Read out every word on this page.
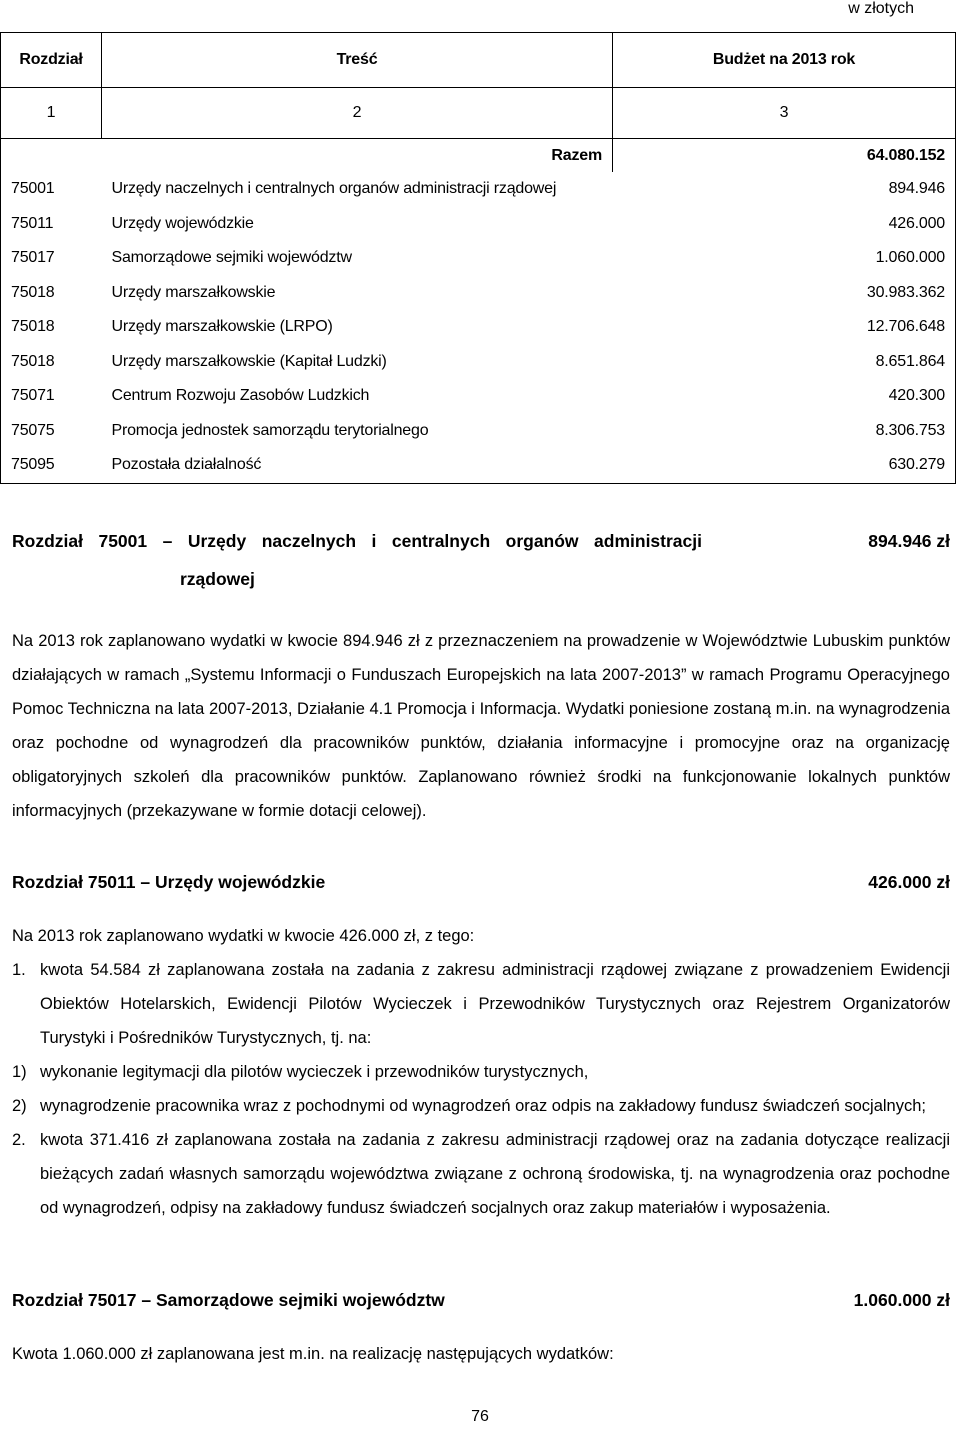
w złotych
Rozdział	Treść	Budżet na 2013 rok
1	2	3
Razem		64.080.152
75001	Urzędy naczelnych i centralnych organów administracji rządowej	894.946
75011	Urzędy wojewódzkie	426.000
75017	Samorządowe sejmiki województw	1.060.000
75018	Urzędy marszałkowskie	30.983.362
75018	Urzędy marszałkowskie (LRPO)	12.706.648
75018	Urzędy marszałkowskie (Kapitał Ludzki)	8.651.864
75071	Centrum Rozwoju Zasobów Ludzkich	420.300
75075	Promocja jednostek samorządu terytorialnego	8.306.753
75095	Pozostała działalność	630.279
Rozdział 75001 – Urzędy naczelnych i centralnych organów administracji	894.946 zł
rządowej

Na 2013 rok zaplanowano wydatki w kwocie 894.946 zł z przeznaczeniem na prowadzenie w Województwie Lubuskim punktów działających w ramach „Systemu Informacji o Funduszach Europejskich na lata 2007-2013” w ramach Programu Operacyjnego Pomoc Techniczna na lata 2007-2013, Działanie 4.1 Promocja i Informacja. Wydatki poniesione zostaną m.in. na wynagrodzenia oraz pochodne od wynagrodzeń dla pracowników punktów, działania informacyjne i promocyjne oraz na organizację obligatoryjnych szkoleń dla pracowników punktów. Zaplanowano również środki na funkcjonowanie lokalnych punktów informacyjnych (przekazywane w formie dotacji celowej).

Rozdział 75011 – Urzędy wojewódzkie	426.000 zł

Na 2013 rok zaplanowano wydatki w kwocie 426.000 zł, z tego:

1. kwota 54.584 zł zaplanowana została na zadania z zakresu administracji rządowej związane z prowadzeniem Ewidencji Obiektów Hotelarskich, Ewidencji Pilotów Wycieczek i Przewodników Turystycznych oraz Rejestrem Organizatorów Turystyki i Pośredników Turystycznych, tj. na:
1) wykonanie legitymacji dla pilotów wycieczek i przewodników turystycznych,
2) wynagrodzenie pracownika wraz z pochodnymi od wynagrodzeń oraz odpis na zakładowy fundusz świadczeń socjalnych;
2. kwota 371.416 zł zaplanowana została na zadania z zakresu administracji rządowej oraz na zadania dotyczące realizacji bieżących zadań własnych samorządu województwa związane z ochroną środowiska, tj. na wynagrodzenia oraz pochodne od wynagrodzeń, odpisy na zakładowy fundusz świadczeń socjalnych oraz zakup materiałów i wyposażenia.
Rozdział 75017 – Samorządowe sejmiki województw	1.060.000 zł

Kwota 1.060.000 zł zaplanowana jest m.in. na realizację następujących wydatków:

76
